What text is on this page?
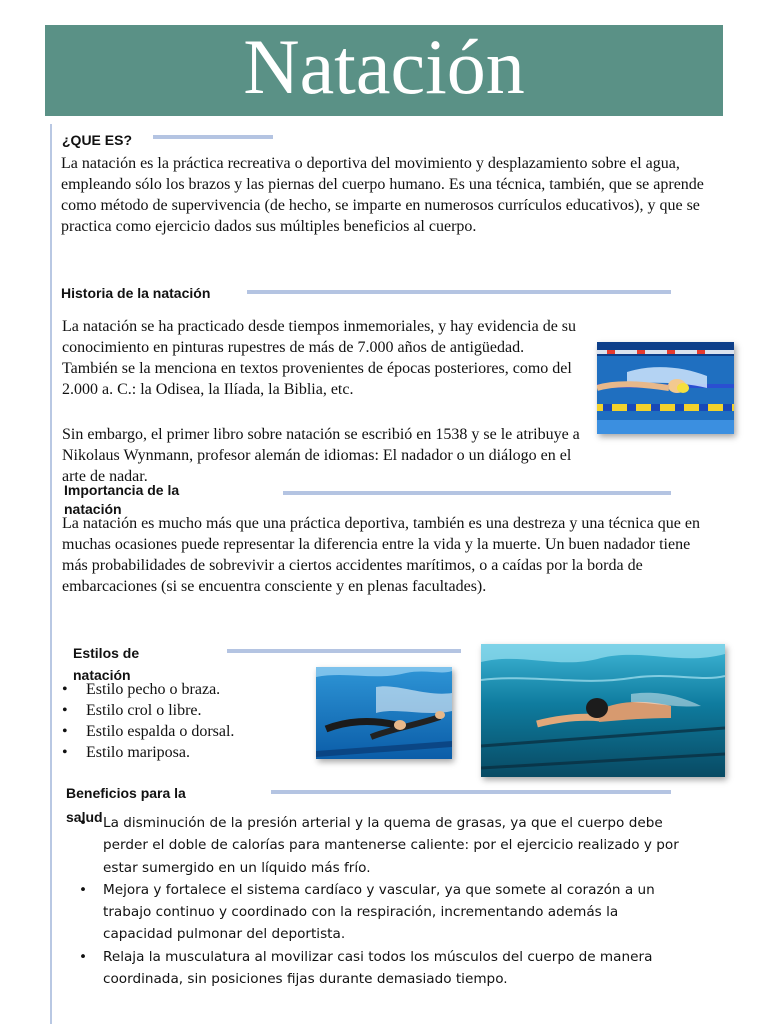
Natación
¿QUE ES?

La natación es la práctica recreativa o deportiva del movimiento y desplazamiento sobre el agua, empleando sólo los brazos y las piernas del cuerpo humano. Es una técnica, también, que se aprende como método de supervivencia (de hecho, se imparte en numerosos currículos educativos), y que se practica como ejercicio dados sus múltiples beneficios al cuerpo.

Historia de la natación

La natación se ha practicado desde tiempos inmemoriales, y hay evidencia de su conocimiento en pinturas rupestres de más de 7.000 años de antigüedad. También se la menciona en textos provenientes de épocas posteriores, como del 2.000 a. C.: la Odisea, la Ilíada, la Biblia, etc.

Sin embargo, el primer libro sobre natación se escribió en 1538 y se le atribuye a Nikolaus Wynmann, profesor alemán de idiomas: El nadador o un diálogo en el arte de nadar.

Importancia de la natación

La natación es mucho más que una práctica deportiva, también es una destreza y una técnica que en muchas ocasiones puede representar la diferencia entre la vida y la muerte. Un buen nadador tiene más probabilidades de sobrevivir a ciertos accidentes marítimos, o a caídas por la borda de embarcaciones (si se encuentra consciente y en plenas facultades).

Estilos de natación
• Estilo pecho o braza.
• Estilo crol o libre.
• Estilo espalda o dorsal.
• Estilo mariposa.
Beneficios para la salud
• La disminución de la presión arterial y la quema de grasas, ya que el cuerpo debe perder el doble de calorías para mantenerse caliente: por el ejercicio realizado y por estar sumergido en un líquido más frío.
• Mejora y fortalece el sistema cardíaco y vascular, ya que somete al corazón a un trabajo continuo y coordinado con la respiración, incrementando además la capacidad pulmonar del deportista.
• Relaja la musculatura al movilizar casi todos los músculos del cuerpo de manera coordinada, sin posiciones fijas durante demasiado tiempo.
